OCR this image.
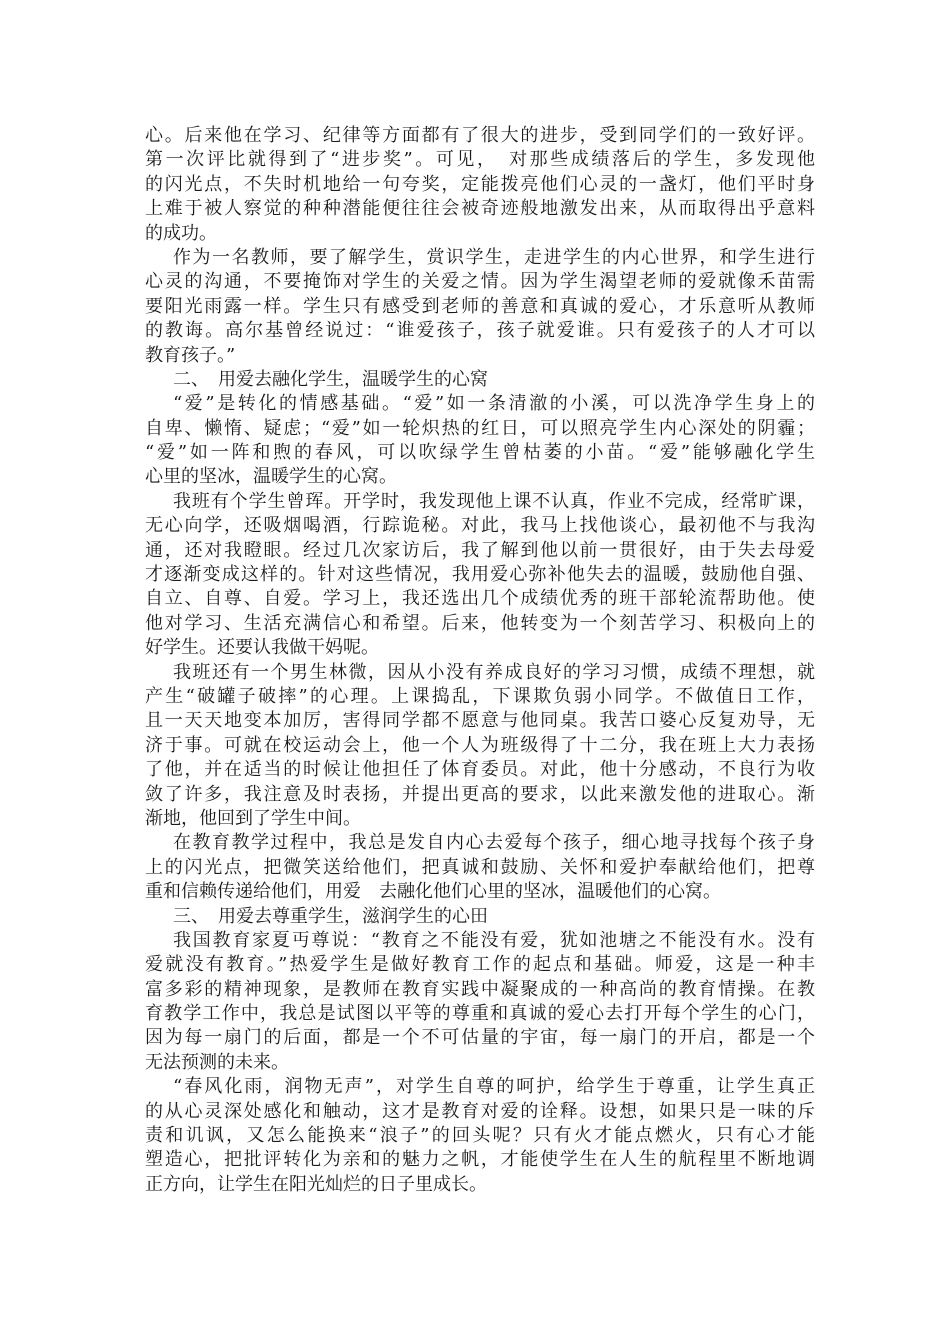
心。后来他在学习、纪律等方面都有了很大的进步，受到同学们的一致好评。
第一次评比就得到了“进步奖”。可见，　对那些成绩落后的学生，多发现他
的闪光点，不失时机地给一句夸奖，定能拨亮他们心灵的一盏灯，他们平时身
上难于被人察觉的种种潜能便往往会被奇迹般地激发出来，从而取得出乎意料
的成功。
作为一名教师，要了解学生，赏识学生，走进学生的内心世界，和学生进行
心灵的沟通，不要掩饰对学生的关爱之情。因为学生渴望老师的爱就像禾苗需
要阳光雨露一样。学生只有感受到老师的善意和真诚的爱心，才乐意听从教师
的教诲。高尔基曾经说过：“谁爱孩子，孩子就爱谁。只有爱孩子的人才可以
教育孩子。”
二、　用爱去融化学生，温暖学生的心窝
“爱”是转化的情感基础。“爱”如一条清澈的小溪，可以洗净学生身上的
自卑、懒惰、疑虑；“爱”如一轮炽热的红日，可以照亮学生内心深处的阴霾；
“爱”如一阵和煦的春风，可以吹绿学生曾枯萎的小苗。“爱”能够融化学生
心里的坚冰，温暖学生的心窝。
我班有个学生曾珲。开学时，我发现他上课不认真，作业不完成，经常旷课，
无心向学，还吸烟喝酒，行踪诡秘。对此，我马上找他谈心，最初他不与我沟
通，还对我瞪眼。经过几次家访后，我了解到他以前一贯很好，由于失去母爱
才逐渐变成这样的。针对这些情况，我用爱心弥补他失去的温暖，鼓励他自强、
自立、自尊、自爱。学习上，我还选出几个成绩优秀的班干部轮流帮助他。使
他对学习、生活充满信心和希望。后来，他转变为一个刻苦学习、积极向上的
好学生。还要认我做干妈呢。
我班还有一个男生林微，因从小没有养成良好的学习习惯，成绩不理想，就
产生“破罐子破摔”的心理。上课捣乱，下课欺负弱小同学。不做值日工作，
且一天天地变本加厉，害得同学都不愿意与他同桌。我苦口婆心反复劝导，无
济于事。可就在校运动会上，他一个人为班级得了十二分，我在班上大力表扬
了他，并在适当的时候让他担任了体育委员。对此，他十分感动，不良行为收
敛了许多，我注意及时表扬，并提出更高的要求，以此来激发他的进取心。渐
渐地，他回到了学生中间。
在教育教学过程中，我总是发自内心去爱每个孩子，细心地寻找每个孩子身
上的闪光点，把微笑送给他们，把真诚和鼓励、关怀和爱护奉献给他们，把尊
重和信赖传递给他们，用爱　去融化他们心里的坚冰，温暖他们的心窝。
三、　用爱去尊重学生，滋润学生的心田
我国教育家夏丏尊说：“教育之不能没有爱，犹如池塘之不能没有水。没有
爱就没有教育。”热爱学生是做好教育工作的起点和基础。师爱，这是一种丰
富多彩的精神现象，是教师在教育实践中凝聚成的一种高尚的教育情操。在教
育教学工作中，我总是试图以平等的尊重和真诚的爱心去打开每个学生的心门，
因为每一扇门的后面，都是一个不可估量的宇宙，每一扇门的开启，都是一个
无法预测的未来。
“春风化雨，润物无声”，对学生自尊的呵护，给学生于尊重，让学生真正
的从心灵深处感化和触动，这才是教育对爱的诠释。设想，如果只是一味的斥
责和讥讽，又怎么能换来“浪子”的回头呢？只有火才能点燃火，只有心才能
塑造心，把批评转化为亲和的魅力之帆，才能使学生在人生的航程里不断地调
正方向，让学生在阳光灿烂的日子里成长。
